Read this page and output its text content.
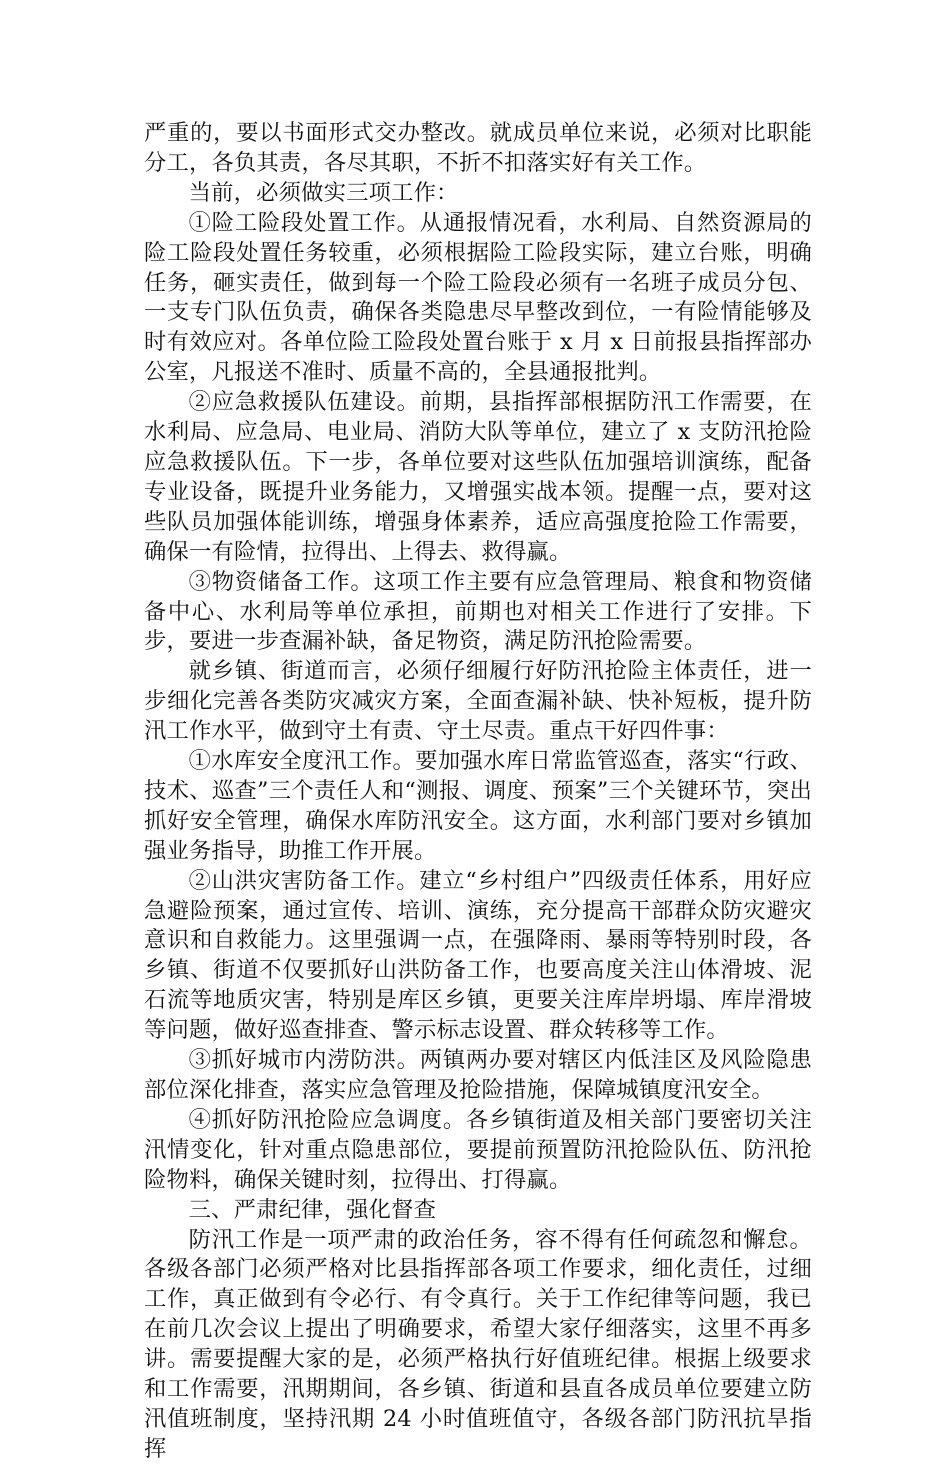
严重的，要以书面形式交办整改。就成员单位来说，必须对比职能分工，各负其责，各尽其职，不折不扣落实好有关工作。

当前，必须做实三项工作：

①险工险段处置工作。从通报情况看，水利局、自然资源局的险工险段处置任务较重，必须根据险工险段实际，建立台账，明确任务，砸实责任，做到每一个险工险段必须有一名班子成员分包、一支专门队伍负责，确保各类隐患尽早整改到位，一有险情能够及时有效应对。各单位险工险段处置台账于 x 月 x 日前报县指挥部办公室，凡报送不准时、质量不高的，全县通报批判。

②应急救援队伍建设。前期，县指挥部根据防汛工作需要，在水利局、应急局、电业局、消防大队等单位，建立了 x 支防汛抢险应急救援队伍。下一步，各单位要对这些队伍加强培训演练，配备专业设备，既提升业务能力，又增强实战本领。提醒一点，要对这些队员加强体能训练，增强身体素养，适应高强度抢险工作需要，确保一有险情，拉得出、上得去、救得赢。

③物资储备工作。这项工作主要有应急管理局、粮食和物资储备中心、水利局等单位承担，前期也对相关工作进行了安排。下步，要进一步查漏补缺，备足物资，满足防汛抢险需要。

就乡镇、街道而言，必须仔细履行好防汛抢险主体责任，进一步细化完善各类防灾减灾方案，全面查漏补缺、快补短板，提升防汛工作水平，做到守土有责、守土尽责。重点干好四件事：

①水库安全度汛工作。要加强水库日常监管巡查，落实“行政、技术、巡查”三个责任人和“测报、调度、预案”三个关键环节，突出抓好安全管理，确保水库防汛安全。这方面，水利部门要对乡镇加强业务指导，助推工作开展。

②山洪灾害防备工作。建立“乡村组户”四级责任体系，用好应急避险预案，通过宣传、培训、演练，充分提高干部群众防灾避灾意识和自救能力。这里强调一点，在强降雨、暴雨等特别时段，各乡镇、街道不仅要抓好山洪防备工作，也要高度关注山体滑坡、泥石流等地质灾害，特别是库区乡镇，更要关注库岸坍塌、库岸滑坡等问题，做好巡查排查、警示标志设置、群众转移等工作。

③抓好城市内涝防洪。两镇两办要对辖区内低洼区及风险隐患部位深化排查，落实应急管理及抢险措施，保障城镇度汛安全。

④抓好防汛抢险应急调度。各乡镇街道及相关部门要密切关注汛情变化，针对重点隐患部位，要提前预置防汛抢险队伍、防汛抢险物料，确保关键时刻，拉得出、打得赢。

三、严肃纪律，强化督查

防汛工作是一项严肃的政治任务，容不得有任何疏忽和懈怠。各级各部门必须严格对比县指挥部各项工作要求，细化责任，过细工作，真正做到有令必行、有令真行。关于工作纪律等问题，我已在前几次会议上提出了明确要求，希望大家仔细落实，这里不再多讲。需要提醒大家的是，必须严格执行好值班纪律。根据上级要求和工作需要，汛期期间，各乡镇、街道和县直各成员单位要建立防汛值班制度，坚持汛期 24 小时值班值守，各级各部门防汛抗旱指挥
